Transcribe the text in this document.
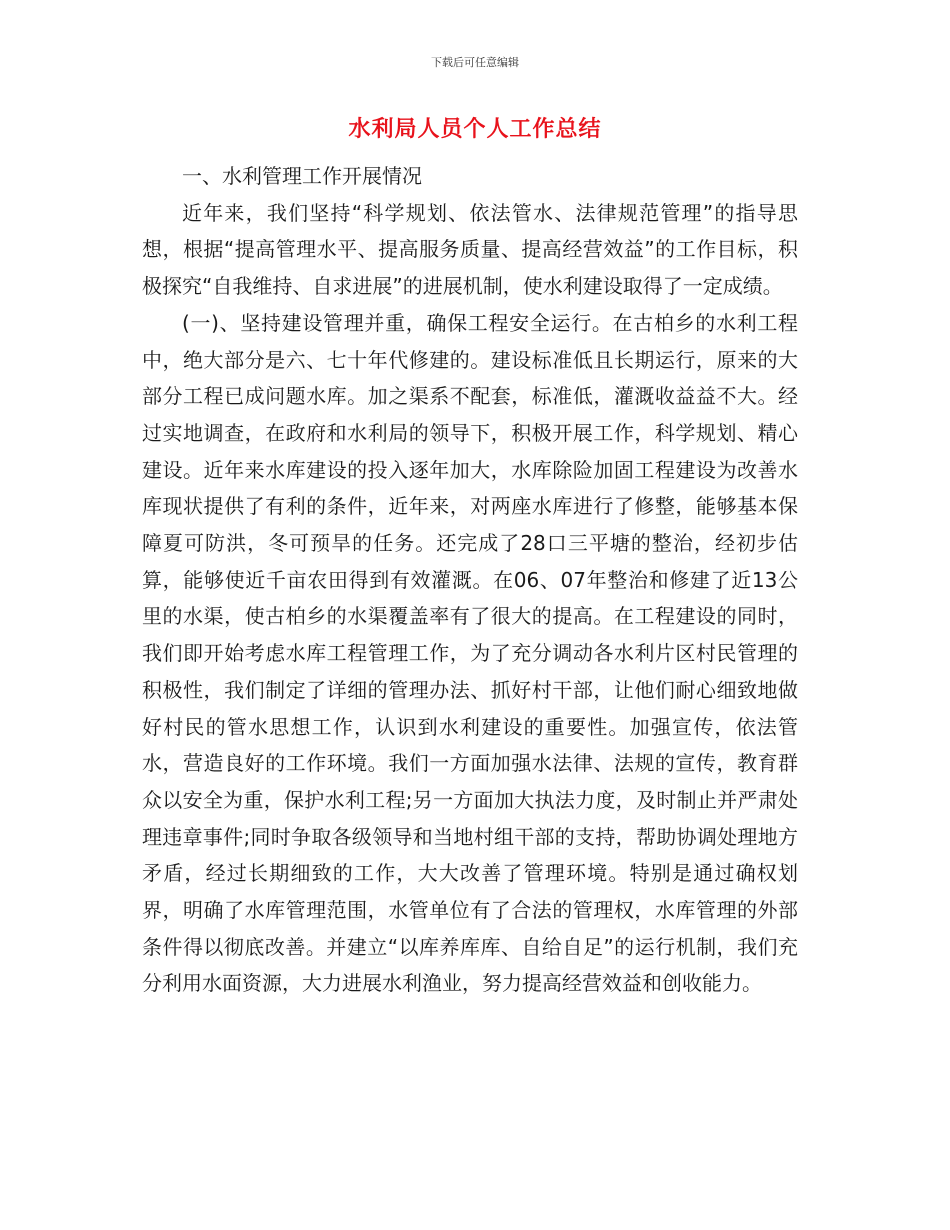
下载后可任意编辑
水利局人员个人工作总结

一、水利管理工作开展情况

近年来，我们坚持“科学规划、依法管水、法律规范管理”的指导思想，根据“提高管理水平、提高服务质量、提高经营效益”的工作目标，积极探究“自我维持、自求进展”的进展机制，使水利建设取得了一定成绩。

(一)、坚持建设管理并重，确保工程安全运行。在古柏乡的水利工程中，绝大部分是六、七十年代修建的。建设标准低且长期运行，原来的大部分工程已成问题水库。加之渠系不配套，标准低，灌溉收益益不大。经过实地调查，在政府和水利局的领导下，积极开展工作，科学规划、精心建设。近年来水库建设的投入逐年加大，水库除险加固工程建设为改善水库现状提供了有利的条件，近年来，对两座水库进行了修整，能够基本保障夏可防洪，冬可预旱的任务。还完成了28口三平塘的整治，经初步估算，能够使近千亩农田得到有效灌溉。在06、07年整治和修建了近13公里的水渠，使古柏乡的水渠覆盖率有了很大的提高。在工程建设的同时，我们即开始考虑水库工程管理工作，为了充分调动各水利片区村民管理的积极性，我们制定了详细的管理办法、抓好村干部，让他们耐心细致地做好村民的管水思想工作，认识到水利建设的重要性。加强宣传，依法管水，营造良好的工作环境。我们一方面加强水法律、法规的宣传，教育群众以安全为重，保护水利工程;另一方面加大执法力度，及时制止并严肃处理违章事件;同时争取各级领导和当地村组干部的支持，帮助协调处理地方矛盾，经过长期细致的工作，大大改善了管理环境。特别是通过确权划界，明确了水库管理范围，水管单位有了合法的管理权，水库管理的外部条件得以彻底改善。并建立“以库养库库、自给自足”的运行机制，我们充分利用水面资源，大力进展水利渔业，努力提高经营效益和创收能力。
